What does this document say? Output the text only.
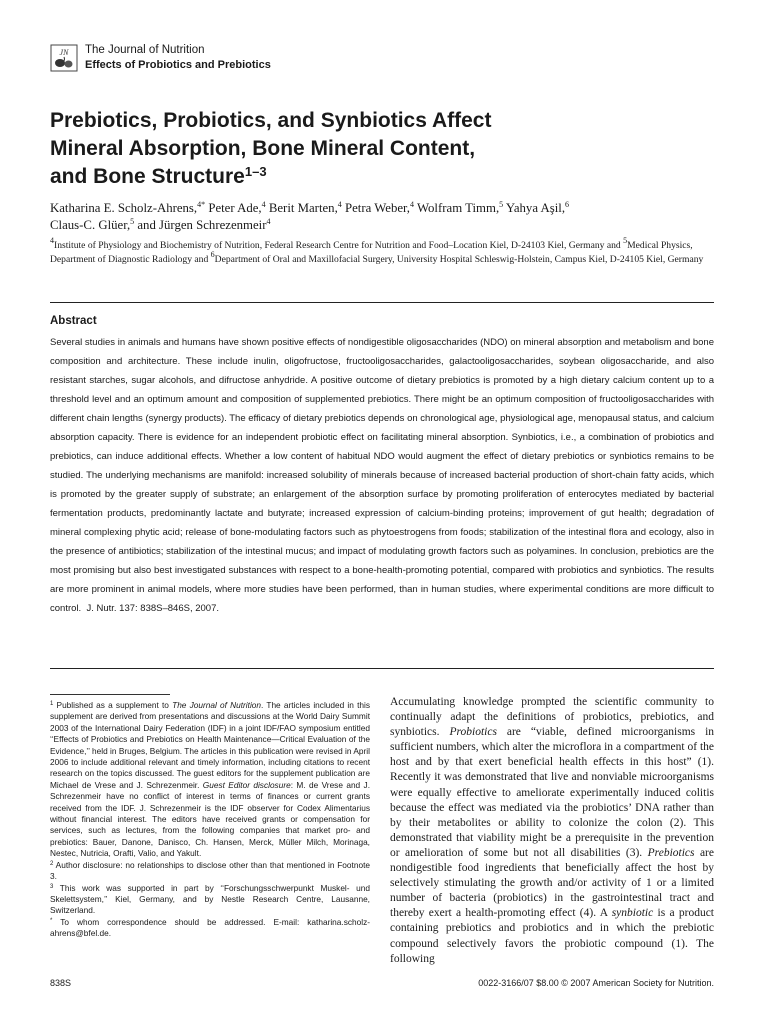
JN The Journal of Nutrition
Effects of Probiotics and Prebiotics
Prebiotics, Probiotics, and Synbiotics Affect
Mineral Absorption, Bone Mineral Content,
and Bone Structure$^{1-3}$
Katharina E. Scholz-Ahrens,$^{4*}$ Peter Ade,$^4$ Berit Marten,$^4$ Petra Weber,$^4$ Wolfram Timm,$^5$ Yahya Aşil,$^6$
Claus-C. Glüer,$^5$ and Jürgen Schrezenmeir$^4$
$^4$Institute of Physiology and Biochemistry of Nutrition, Federal Research Centre for Nutrition and Food–Location Kiel, D-24103 Kiel, Germany and $^5$Medical Physics, Department of Diagnostic Radiology and $^6$Department of Oral and Maxillofacial Surgery, University Hospital Schleswig-Holstein, Campus Kiel, D-24105 Kiel, Germany
Abstract
Several studies in animals and humans have shown positive effects of nondigestible oligosaccharides (NDO) on mineral absorption and metabolism and bone composition and architecture. These include inulin, oligofructose, fructooligosaccharides, galactooligosaccharides, soybean oligosaccharide, and also resistant starches, sugar alcohols, and difructose anhydride. A positive outcome of dietary prebiotics is promoted by a high dietary calcium content up to a threshold level and an optimum amount and composition of supplemented prebiotics. There might be an optimum composition of fructooligosaccharides with different chain lengths (synergy products). The efficacy of dietary prebiotics depends on chronological age, physiological age, menopausal status, and calcium absorption capacity. There is evidence for an independent probiotic effect on facilitating mineral absorption. Synbiotics, i.e., a combination of probiotics and prebiotics, can induce additional effects. Whether a low content of habitual NDO would augment the effect of dietary prebiotics or synbiotics remains to be studied. The underlying mechanisms are manifold: increased solubility of minerals because of increased bacterial production of short-chain fatty acids, which is promoted by the greater supply of substrate; an enlargement of the absorption surface by promoting proliferation of enterocytes mediated by bacterial fermentation products, predominantly lactate and butyrate; increased expression of calcium-binding proteins; improvement of gut health; degradation of mineral complexing phytic acid; release of bone-modulating factors such as phytoestrogens from foods; stabilization of the intestinal flora and ecology, also in the presence of antibiotics; stabilization of the intestinal mucus; and impact of modulating growth factors such as polyamines. In conclusion, prebiotics are the most promising but also best investigated substances with respect to a bone-health-promoting potential, compared with probiotics and synbiotics. The results are more prominent in animal models, where more studies have been performed, than in human studies, where experimental conditions are more difficult to control. J. Nutr. 137: 838S–846S, 2007.

$^1$ Published as a supplement to The Journal of Nutrition. The articles included in this supplement are derived from presentations and discussions at the World Dairy Summit 2003 of the International Dairy Federation (IDF) in a joint IDF/FAO symposium entitled ‘‘Effects of Probiotics and Prebiotics on Health Maintenance—Critical Evaluation of the Evidence,’’ held in Bruges, Belgium. The articles in this publication were revised in April 2006 to include additional relevant and timely information, including citations to recent research on the topics discussed. The guest editors for the supplement publication are Michael de Vrese and J. Schrezenmeir. Guest Editor disclosure: M. de Vrese and J. Schrezenmeir have no conflict of interest in terms of finances or current grants received from the IDF. J. Schrezenmeir is the IDF observer for Codex Alimentarius without financial interest. The editors have received grants or compensation for services, such as lectures, from the following companies that market pro- and prebiotics: Bauer, Danone, Danisco, Ch. Hansen, Merck, Müller Milch, Morinaga, Nestec, Nutricia, Orafti, Valio, and Yakult.

$^2$ Author disclosure: no relationships to disclose other than that mentioned in Footnote 3.

$^3$ This work was supported in part by ‘‘Forschungsschwerpunkt Muskel- und Skelettsystem,’’ Kiel, Germany, and by Nestle Research Centre, Lausanne, Switzerland.

* To whom correspondence should be addressed. E-mail: katharina.scholz-ahrens@bfel.de.

Accumulating knowledge prompted the scientific community to continually adapt the definitions of probiotics, prebiotics, and synbiotics. Probiotics are “viable, defined microorganisms in sufficient numbers, which alter the microflora in a compartment of the host and by that exert beneficial health effects in this host” (1). Recently it was demonstrated that live and nonviable microorganisms were equally effective to ameliorate experimentally induced colitis because the effect was mediated via the probiotics’ DNA rather than by their metabolites or ability to colonize the colon (2). This demonstrated that viability might be a prerequisite in the prevention or amelioration of some but not all disabilities (3). Prebiotics are nondigestible food ingredients that beneficially affect the host by selectively stimulating the growth and/or activity of 1 or a limited number of bacteria (probiotics) in the gastrointestinal tract and thereby exert a health-promoting effect (4). A synbiotic is a product containing prebiotics and probiotics and in which the prebiotic compound selectively favors the probiotic compound (1). The following

838S	0022-3166/07 $8.00 © 2007 American Society for Nutrition.
